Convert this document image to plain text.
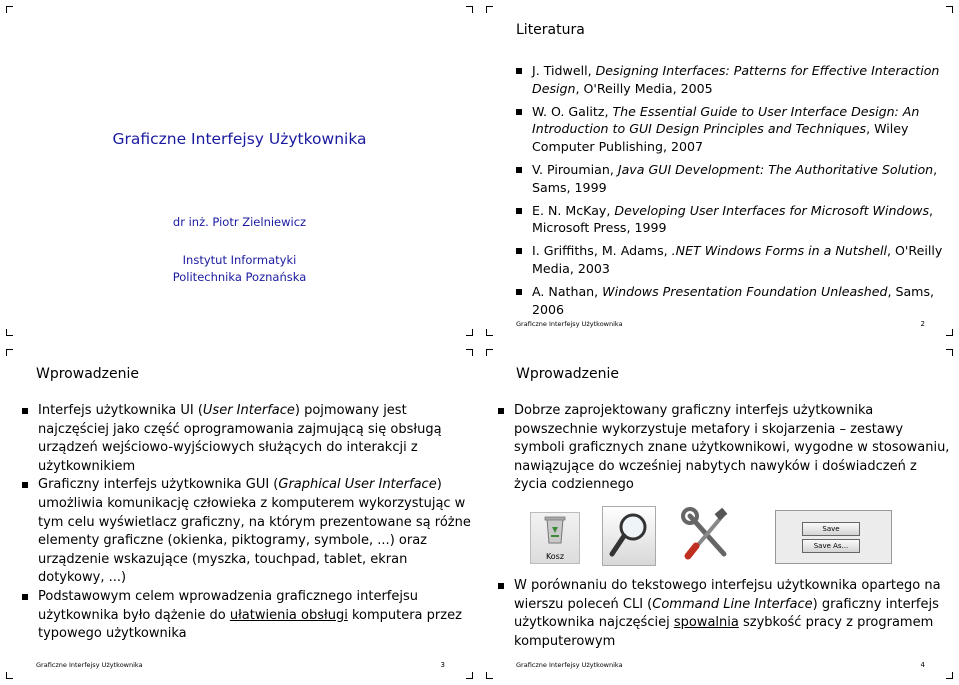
Graficzne Interfejsy Użytkownika
dr inż. Piotr Zielniewicz
Instytut Informatyki
Politechnika Poznańska
Literatura
J. Tidwell, Designing Interfaces: Patterns for Effective Interaction Design, O'Reilly Media, 2005
W. O. Galitz, The Essential Guide to User Interface Design: An Introduction to GUI Design Principles and Techniques, Wiley Computer Publishing, 2007
V. Piroumian, Java GUI Development: The Authoritative Solution, Sams, 1999
E. N. McKay, Developing User Interfaces for Microsoft Windows, Microsoft Press, 1999
I. Griffiths, M. Adams, .NET Windows Forms in a Nutshell, O'Reilly Media, 2003
A. Nathan, Windows Presentation Foundation Unleashed, Sams, 2006
Graficzne Interfejsy Użytkownika	2
Wprowadzenie
Interfejs użytkownika UI (User Interface) pojmowany jest najczęściej jako część oprogramowania zajmującą się obsługą urządzeń wejściowo-wyjściowych służących do interakcji z użytkownikiem
Graficzny interfejs użytkownika GUI (Graphical User Interface) umożliwia komunikację człowieka z komputerem wykorzystując w tym celu wyświetlacz graficzny, na którym prezentowane są różne elementy graficzne (okienka, piktogramy, symbole, ...) oraz urządzenie wskazujące (myszka, touchpad, tablet, ekran dotykowy, ...)
Podstawowym celem wprowadzenia graficznego interfejsu użytkownika było dążenie do ułatwienia obsługi komputera przez typowego użytkownika
Graficzne Interfejsy Użytkownika	3
Wprowadzenie
Dobrze zaprojektowany graficzny interfejs użytkownika powszechnie wykorzystuje metafory i skojarzenia – zestawy symboli graficznych znane użytkownikowi, wygodne w stosowaniu, nawiązujące do wcześniej nabytych nawyków i doświadczeń z życia codziennego
Kosz
Save
Save As...
W porównaniu do tekstowego interfejsu użytkownika opartego na wierszu poleceń CLI (Command Line Interface) graficzny interfejs użytkownika najczęściej spowalnia szybkość pracy z programem komputerowym
Graficzne Interfejsy Użytkownika	4
